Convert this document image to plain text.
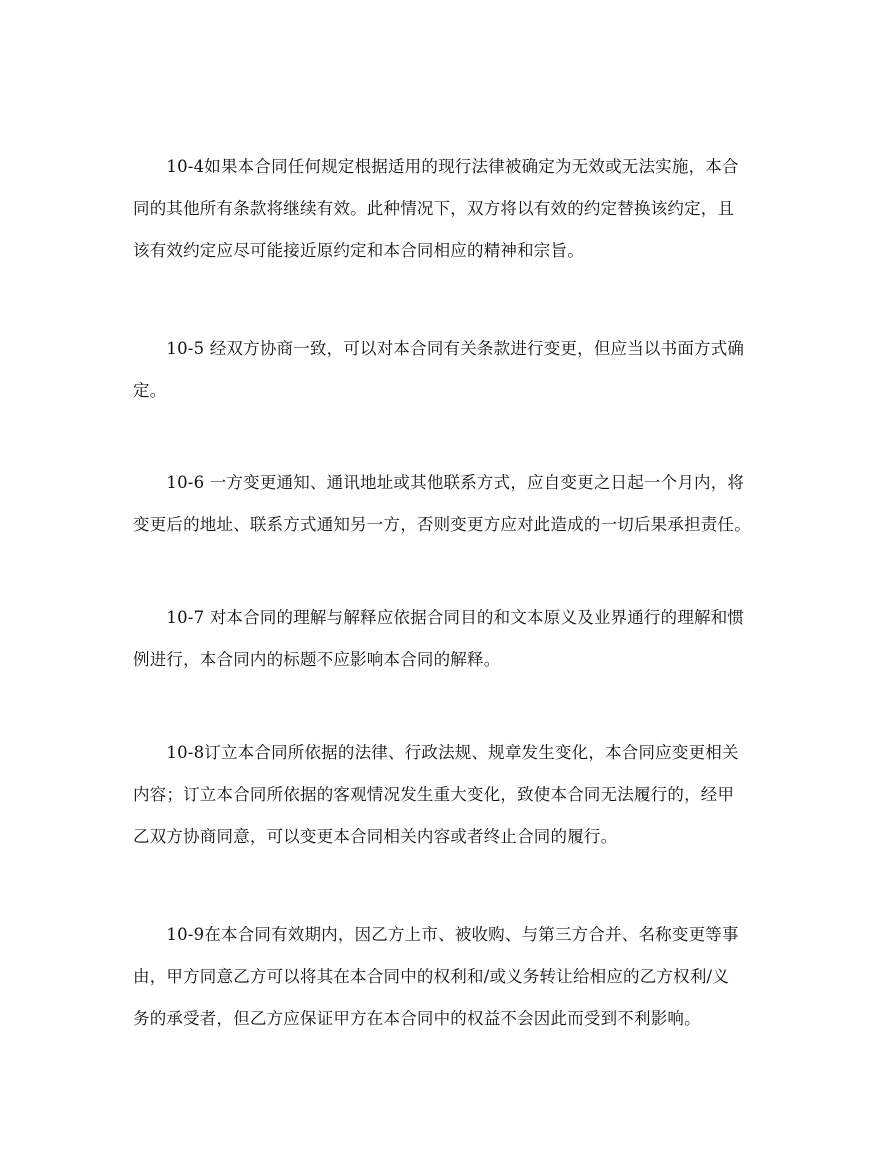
　　10-4如果本合同任何规定根据适用的现行法律被确定为无效或无法实施，本合
同的其他所有条款将继续有效。此种情况下，双方将以有效的约定替换该约定，且
该有效约定应尽可能接近原约定和本合同相应的精神和宗旨。
　　10-5 经双方协商一致，可以对本合同有关条款进行变更，但应当以书面方式确
定。
　　10-6 一方变更通知、通讯地址或其他联系方式，应自变更之日起一个月内，将
变更后的地址、联系方式通知另一方，否则变更方应对此造成的一切后果承担责任。
　　10-7 对本合同的理解与解释应依据合同目的和文本原义及业界通行的理解和惯
例进行，本合同内的标题不应影响本合同的解释。
　　10-8订立本合同所依据的法律、行政法规、规章发生变化，本合同应变更相关
内容；订立本合同所依据的客观情况发生重大变化，致使本合同无法履行的，经甲
乙双方协商同意，可以变更本合同相关内容或者终止合同的履行。
　　10-9在本合同有效期内，因乙方上市、被收购、与第三方合并、名称变更等事
由，甲方同意乙方可以将其在本合同中的权利和/或义务转让给相应的乙方权利/义
务的承受者，但乙方应保证甲方在本合同中的权益不会因此而受到不利影响。
